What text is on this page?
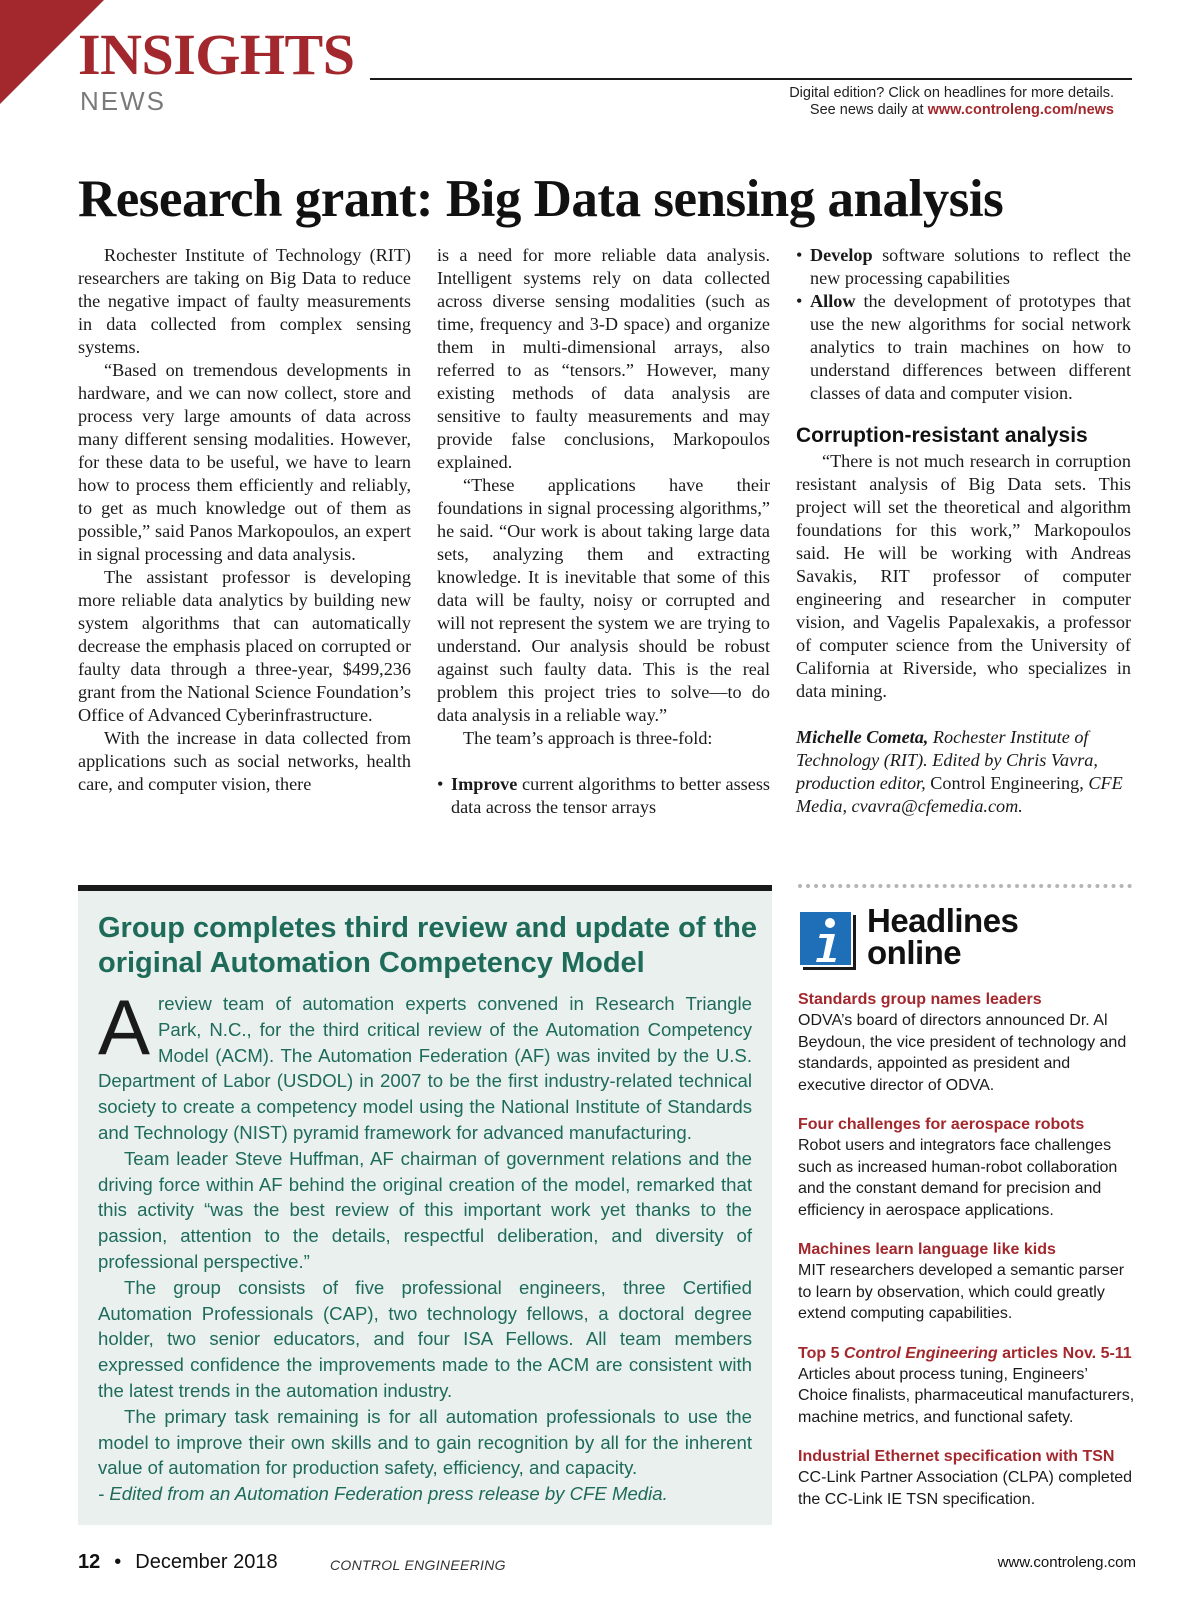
INSIGHTS
NEWS	Digital edition? Click on headlines for more details.
See news daily at www.controleng.com/news
Research grant: Big Data sensing analysis

Rochester Institute of Technology (RIT) researchers are taking on Big Data to reduce the negative impact of faulty measurements in data collected from complex sensing systems.

“Based on tremendous developments in hardware, and we can now collect, store and process very large amounts of data across many different sensing modalities. However, for these data to be useful, we have to learn how to process them efficiently and reliably, to get as much knowledge out of them as possible,” said Panos Markopoulos, an expert in signal processing and data analysis.

The assistant professor is developing more reliable data analytics by building new system algorithms that can automatically decrease the emphasis placed on corrupted or faulty data through a three-year, $499,236 grant from the National Science Foundation’s Office of Advanced Cyberinfrastructure.

With the increase in data collected from applications such as social networks, health care, and computer vision, there

is a need for more reliable data analysis. Intelligent systems rely on data collected across diverse sensing modalities (such as time, frequency and 3-D space) and organize them in multi-dimensional arrays, also referred to as “tensors.” However, many existing methods of data analysis are sensitive to faulty measurements and may provide false conclusions, Markopoulos explained.

“These applications have their foundations in signal processing algorithms,” he said. “Our work is about taking large data sets, analyzing them and extracting knowledge. It is inevitable that some of this data will be faulty, noisy or corrupted and will not represent the system we are trying to understand. Our analysis should be robust against such faulty data. This is the real problem this project tries to solve—to do data analysis in a reliable way.”

The team’s approach is three-fold:

• Improve current algorithms to better assess data across the tensor arrays
• Develop software solutions to reflect the new processing capabilities
• Allow the development of prototypes that use the new algorithms for social network analytics to train machines on how to understand differences between different classes of data and computer vision.
Corruption-resistant analysis

“There is not much research in corruption resistant analysis of Big Data sets. This project will set the theoretical and algorithm foundations for this work,” Markopoulos said. He will be working with Andreas Savakis, RIT professor of computer engineering and researcher in computer vision, and Vagelis Papalexakis, a professor of computer science from the University of California at Riverside, who specializes in data mining.

Michelle Cometa, Rochester Institute of Technology (RIT). Edited by Chris Vavra, production editor, Control Engineering, CFE Media, cvavra@cfemedia.com.

Group completes third review and update of the original Automation Competency Model

A review team of automation experts convened in Research Triangle Park, N.C., for the third critical review of the Automation Competency Model (ACM). The Automation Federation (AF) was invited by the U.S. Department of Labor (USDOL) in 2007 to be the first industry-related technical society to create a competency model using the National Institute of Standards and Technology (NIST) pyramid framework for advanced manufacturing.

Team leader Steve Huffman, AF chairman of government relations and the driving force within AF behind the original creation of the model, remarked that this activity “was the best review of this important work yet thanks to the passion, attention to the details, respectful deliberation, and diversity of professional perspective.”

The group consists of five professional engineers, three Certified Automation Professionals (CAP), two technology fellows, a doctoral degree holder, two senior educators, and four ISA Fellows. All team members expressed confidence the improvements made to the ACM are consistent with the latest trends in the automation industry.

The primary task remaining is for all automation professionals to use the model to improve their own skills and to gain recognition by all for the inherent value of automation for production safety, efficiency, and capacity.

- Edited from an Automation Federation press release by CFE Media.

Headlines
online
Standards group names leaders
ODVA’s board of directors announced Dr. Al Beydoun, the vice president of technology and standards, appointed as president and executive director of ODVA.
Four challenges for aerospace robots
Robot users and integrators face challenges such as increased human-robot collaboration and the constant demand for precision and efficiency in aerospace applications.
Machines learn language like kids
MIT researchers developed a semantic parser to learn by observation, which could greatly extend computing capabilities.
Top 5 Control Engineering articles Nov. 5-11
Articles about process tuning, Engineers’ Choice finalists, pharmaceutical manufacturers, machine metrics, and functional safety.
Industrial Ethernet specification with TSN
CC-Link Partner Association (CLPA) completed the CC-Link IE TSN specification.
12 • December 2018	CONTROL ENGINEERING	www.controleng.com
